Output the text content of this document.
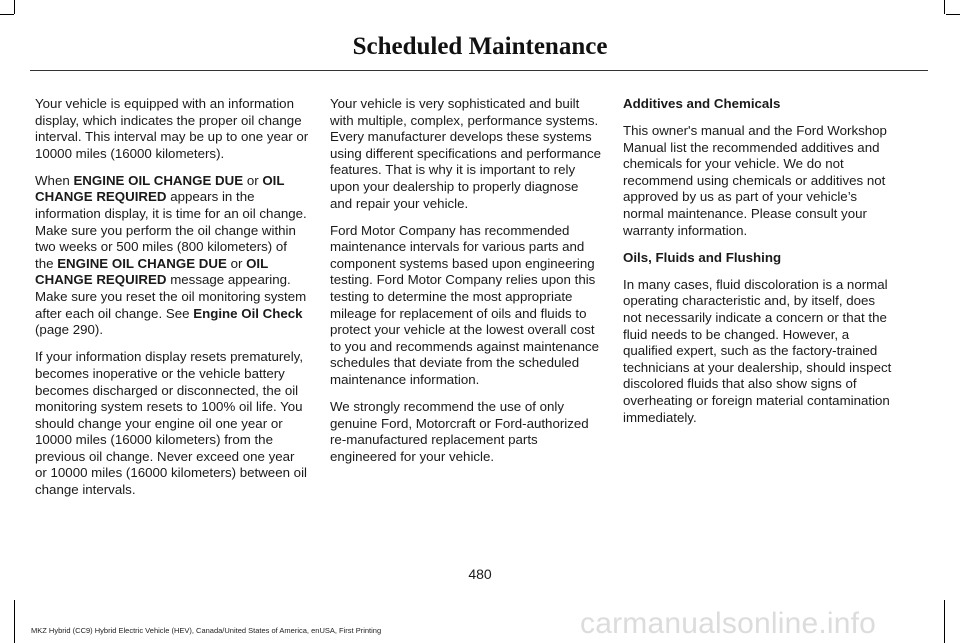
Scheduled Maintenance

Your vehicle is equipped with an information display, which indicates the proper oil change interval. This interval may be up to one year or 10000 miles (16000 kilometers).

When ENGINE OIL CHANGE DUE or OIL CHANGE REQUIRED appears in the information display, it is time for an oil change. Make sure you perform the oil change within two weeks or 500 miles (800 kilometers) of the ENGINE OIL CHANGE DUE or OIL CHANGE REQUIRED message appearing. Make sure you reset the oil monitoring system after each oil change. See Engine Oil Check (page 290).

If your information display resets prematurely, becomes inoperative or the vehicle battery becomes discharged or disconnected, the oil monitoring system resets to 100% oil life. You should change your engine oil one year or 10000 miles (16000 kilometers) from the previous oil change. Never exceed one year or 10000 miles (16000 kilometers) between oil change intervals.

Your vehicle is very sophisticated and built with multiple, complex, performance systems. Every manufacturer develops these systems using different specifications and performance features. That is why it is important to rely upon your dealership to properly diagnose and repair your vehicle.

Ford Motor Company has recommended maintenance intervals for various parts and component systems based upon engineering testing. Ford Motor Company relies upon this testing to determine the most appropriate mileage for replacement of oils and fluids to protect your vehicle at the lowest overall cost to you and recommends against maintenance schedules that deviate from the scheduled maintenance information.

We strongly recommend the use of only genuine Ford, Motorcraft or Ford-authorized re-manufactured replacement parts engineered for your vehicle.

Additives and Chemicals

This owner's manual and the Ford Workshop Manual list the recommended additives and chemicals for your vehicle. We do not recommend using chemicals or additives not approved by us as part of your vehicle’s normal maintenance. Please consult your warranty information.

Oils, Fluids and Flushing

In many cases, fluid discoloration is a normal operating characteristic and, by itself, does not necessarily indicate a concern or that the fluid needs to be changed. However, a qualified expert, such as the factory-trained technicians at your dealership, should inspect discolored fluids that also show signs of overheating or foreign material contamination immediately.

480
carmanualsonline.info
MKZ Hybrid (CC9) Hybrid Electric Vehicle (HEV), Canada/United States of America, enUSA, First Printing
